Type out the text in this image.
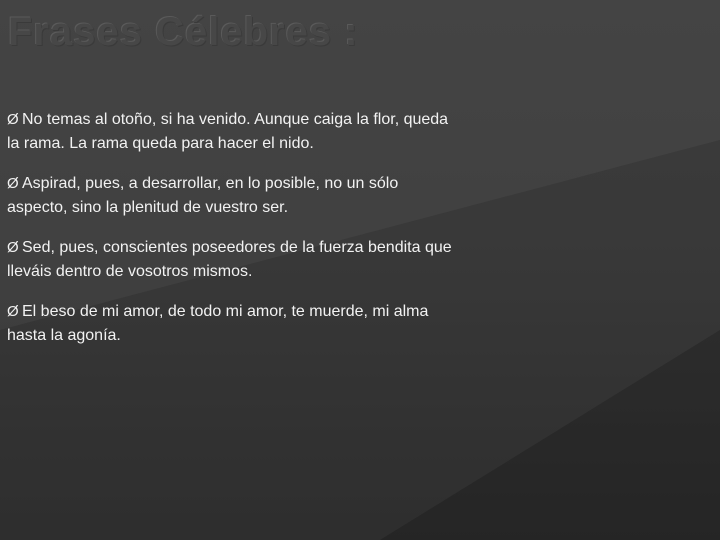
Frases Célebres :
Ø No temas al otoño, si ha venido. Aunque caiga la flor, queda la rama. La rama queda para hacer el nido.
Ø Aspirad, pues, a desarrollar, en lo posible, no un sólo aspecto, sino la plenitud de vuestro ser.
Ø Sed, pues, conscientes poseedores de la fuerza bendita que lleváis dentro de vosotros mismos.
Ø El beso de mi amor, de todo mi amor, te muerde, mi alma hasta la agonía.
